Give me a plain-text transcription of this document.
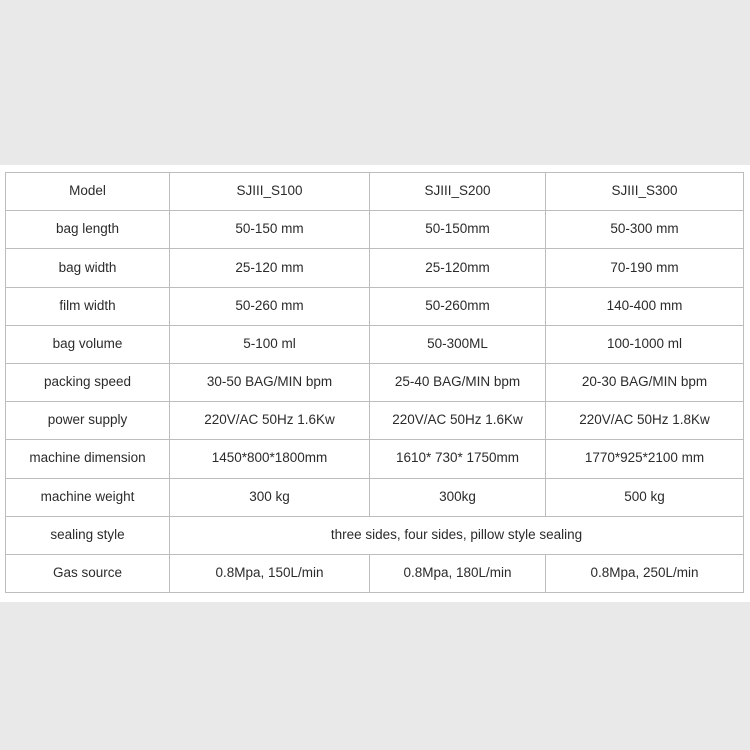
Model	SJIII_S100	SJIII_S200	SJIII_S300
bag length	50-150 mm	50-150mm	50-300 mm
bag width	25-120 mm	25-120mm	70-190 mm
film width	50-260 mm	50-260mm	140-400 mm
bag volume	5-100 ml	50-300ML	100-1000 ml
packing speed	30-50 BAG/MIN bpm	25-40 BAG/MIN bpm	20-30 BAG/MIN bpm
power supply	220V/AC 50Hz 1.6Kw	220V/AC 50Hz 1.6Kw	220V/AC 50Hz 1.8Kw
machine dimension	1450*800*1800mm	1610* 730* 1750mm	1770*925*2100 mm
machine weight	300 kg	300kg	500 kg
sealing style	three sides, four sides, pillow style sealing		
Gas source	0.8Mpa, 150L/min	0.8Mpa, 180L/min	0.8Mpa, 250L/min
